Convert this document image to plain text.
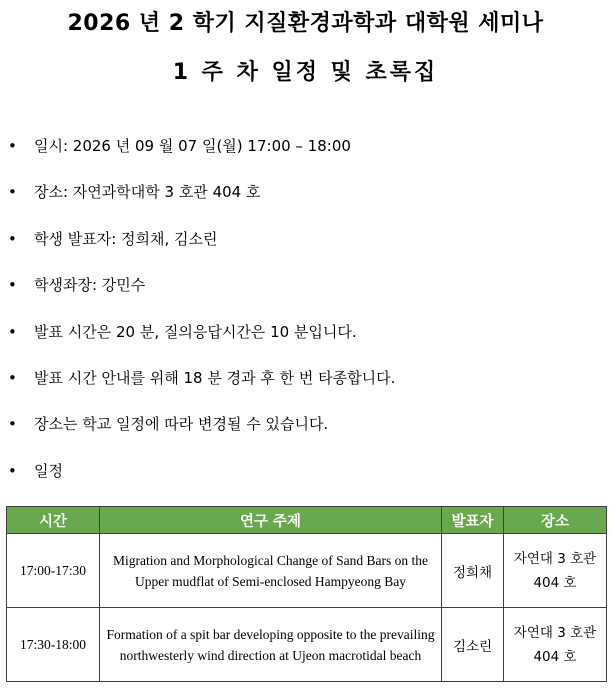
2026 년 2 학기 지질환경과학과 대학원 세미나
1 주 차 일정 및 초록집
• 일시: 2026 년 09 월 07 일(월) 17:00 – 18:00
• 장소: 자연과학대학 3 호관 404 호
• 학생 발표자: 정희채, 김소린
• 학생좌장: 강민수
• 발표 시간은 20 분, 질의응답시간은 10 분입니다.
• 발표 시간 안내를 위해 18 분 경과 후 한 번 타종합니다.
• 장소는 학교 일정에 따라 변경될 수 있습니다.
• 일정
시간	연구 주제	발표자	장소
17:00-17:30	Migration and Morphological Change of Sand Bars on the Upper mudflat of Semi-enclosed Hampyeong Bay	정희채	자연대 3 호관
404 호

17:30-18:00	Formation of a spit bar developing opposite to the prevailing northwesterly wind direction at Ujeon macrotidal beach	김소린	자연대 3 호관
404 호
